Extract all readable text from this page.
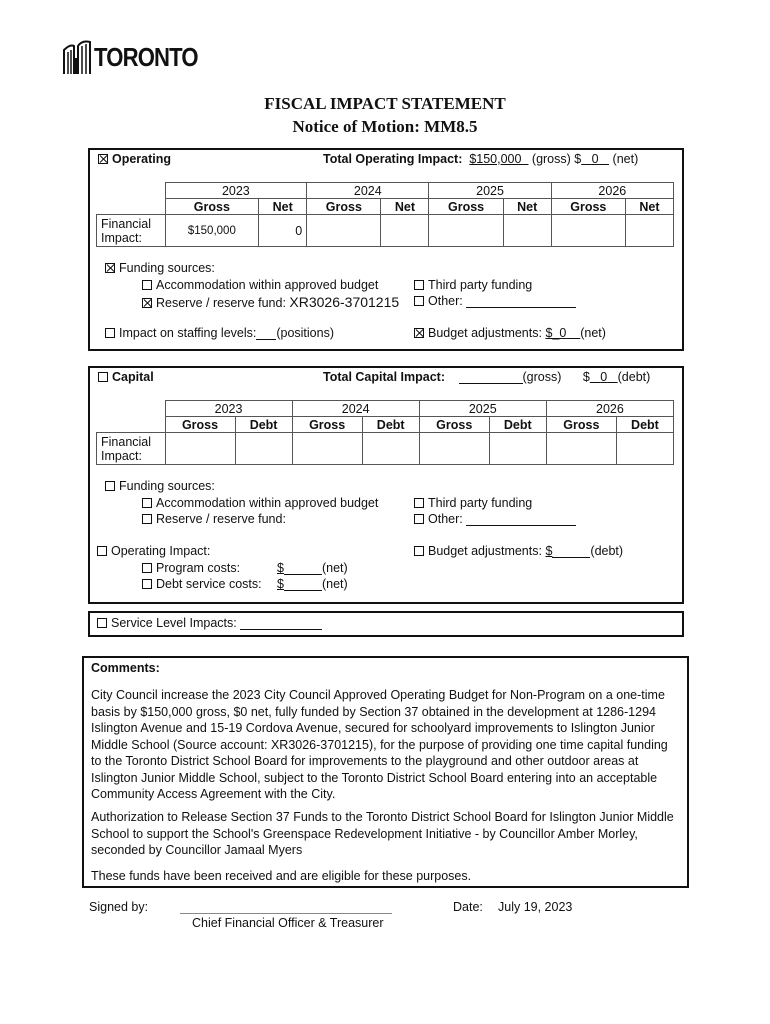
TORONTO
FISCAL IMPACT STATEMENT
Notice of Motion: MM8.5
Operating	Total Operating Impact: $150,000 (gross) $ 0 (net)
	2023		2024		2025		2026	
	Gross	Net	Gross	Net	Gross	Net	Gross	Net
Financial Impact:	$150,000	0						
Funding sources:
Accommodation within approved budget
Reserve / reserve fund: XR3026-3701215
Third party funding
Other:
Impact on staffing levels: (positions)	Budget adjustments: $_0 (net)
Capital	Total Capital Impact:	(gross) $ 0 (debt)
	2023		2024		2025		2026	
	Gross	Debt	Gross	Debt	Gross	Debt	Gross	Debt
Financial Impact:								
Funding sources:
Accommodation within approved budget
Reserve / reserve fund:
Third party funding
Other:
Operating Impact:
Program costs:	$	(net)
Debt service costs: $	(net)
Budget adjustments: $	(debt)
Service Level Impacts:
Comments:
City Council increase the 2023 City Council Approved Operating Budget for Non-Program on a one-time basis by $150,000 gross, $0 net, fully funded by Section 37 obtained in the development at 1286-1294 Islington Avenue and 15-19 Cordova Avenue, secured for schoolyard improvements to Islington Junior Middle School (Source account: XR3026-3701215), for the purpose of providing one time capital funding to the Toronto District School Board for improvements to the playground and other outdoor areas at Islington Junior Middle School, subject to the Toronto District School Board entering into an acceptable Community Access Agreement with the City.
Authorization to Release Section 37 Funds to the Toronto District School Board for Islington Junior Middle School to support the School's Greenspace Redevelopment Initiative - by Councillor Amber Morley, seconded by Councillor Jamaal Myers
These funds have been received and are eligible for these purposes.
Signed by:
Chief Financial Officer & Treasurer
Date: July 19, 2023
